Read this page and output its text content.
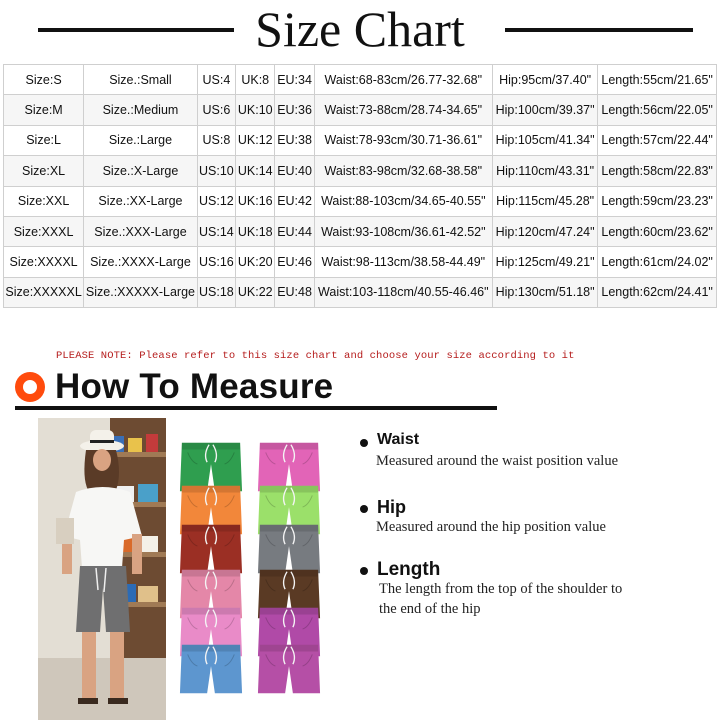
Size Chart
Size:S	Size.:Small	US:4	UK:8	EU:34	Waist:68-83cm/26.77-32.68"	Hip:95cm/37.40"	Length:55cm/21.65"
Size:M	Size.:Medium	US:6	UK:10	EU:36	Waist:73-88cm/28.74-34.65"	Hip:100cm/39.37"	Length:56cm/22.05"
Size:L	Size.:Large	US:8	UK:12	EU:38	Waist:78-93cm/30.71-36.61"	Hip:105cm/41.34"	Length:57cm/22.44"
Size:XL	Size.:X-Large	US:10	UK:14	EU:40	Waist:83-98cm/32.68-38.58"	Hip:110cm/43.31"	Length:58cm/22.83"
Size:XXL	Size.:XX-Large	US:12	UK:16	EU:42	Waist:88-103cm/34.65-40.55"	Hip:115cm/45.28"	Length:59cm/23.23"
Size:XXXL	Size.:XXX-Large	US:14	UK:18	EU:44	Waist:93-108cm/36.61-42.52"	Hip:120cm/47.24"	Length:60cm/23.62"
Size:XXXXL	Size.:XXXX-Large	US:16	UK:20	EU:46	Waist:98-113cm/38.58-44.49"	Hip:125cm/49.21"	Length:61cm/24.02"
Size:XXXXXL	Size.:XXXXX-Large	US:18	UK:22	EU:48	Waist:103-118cm/40.55-46.46"	Hip:130cm/51.18"	Length:62cm/24.41"
PLEASE NOTE: Please refer to this size chart and choose your size according to it
How To Measure
Waist
Measured around the waist position value
Hip
Measured around the hip position value
Length
The length from the top of the shoulder to
the end of the hip
